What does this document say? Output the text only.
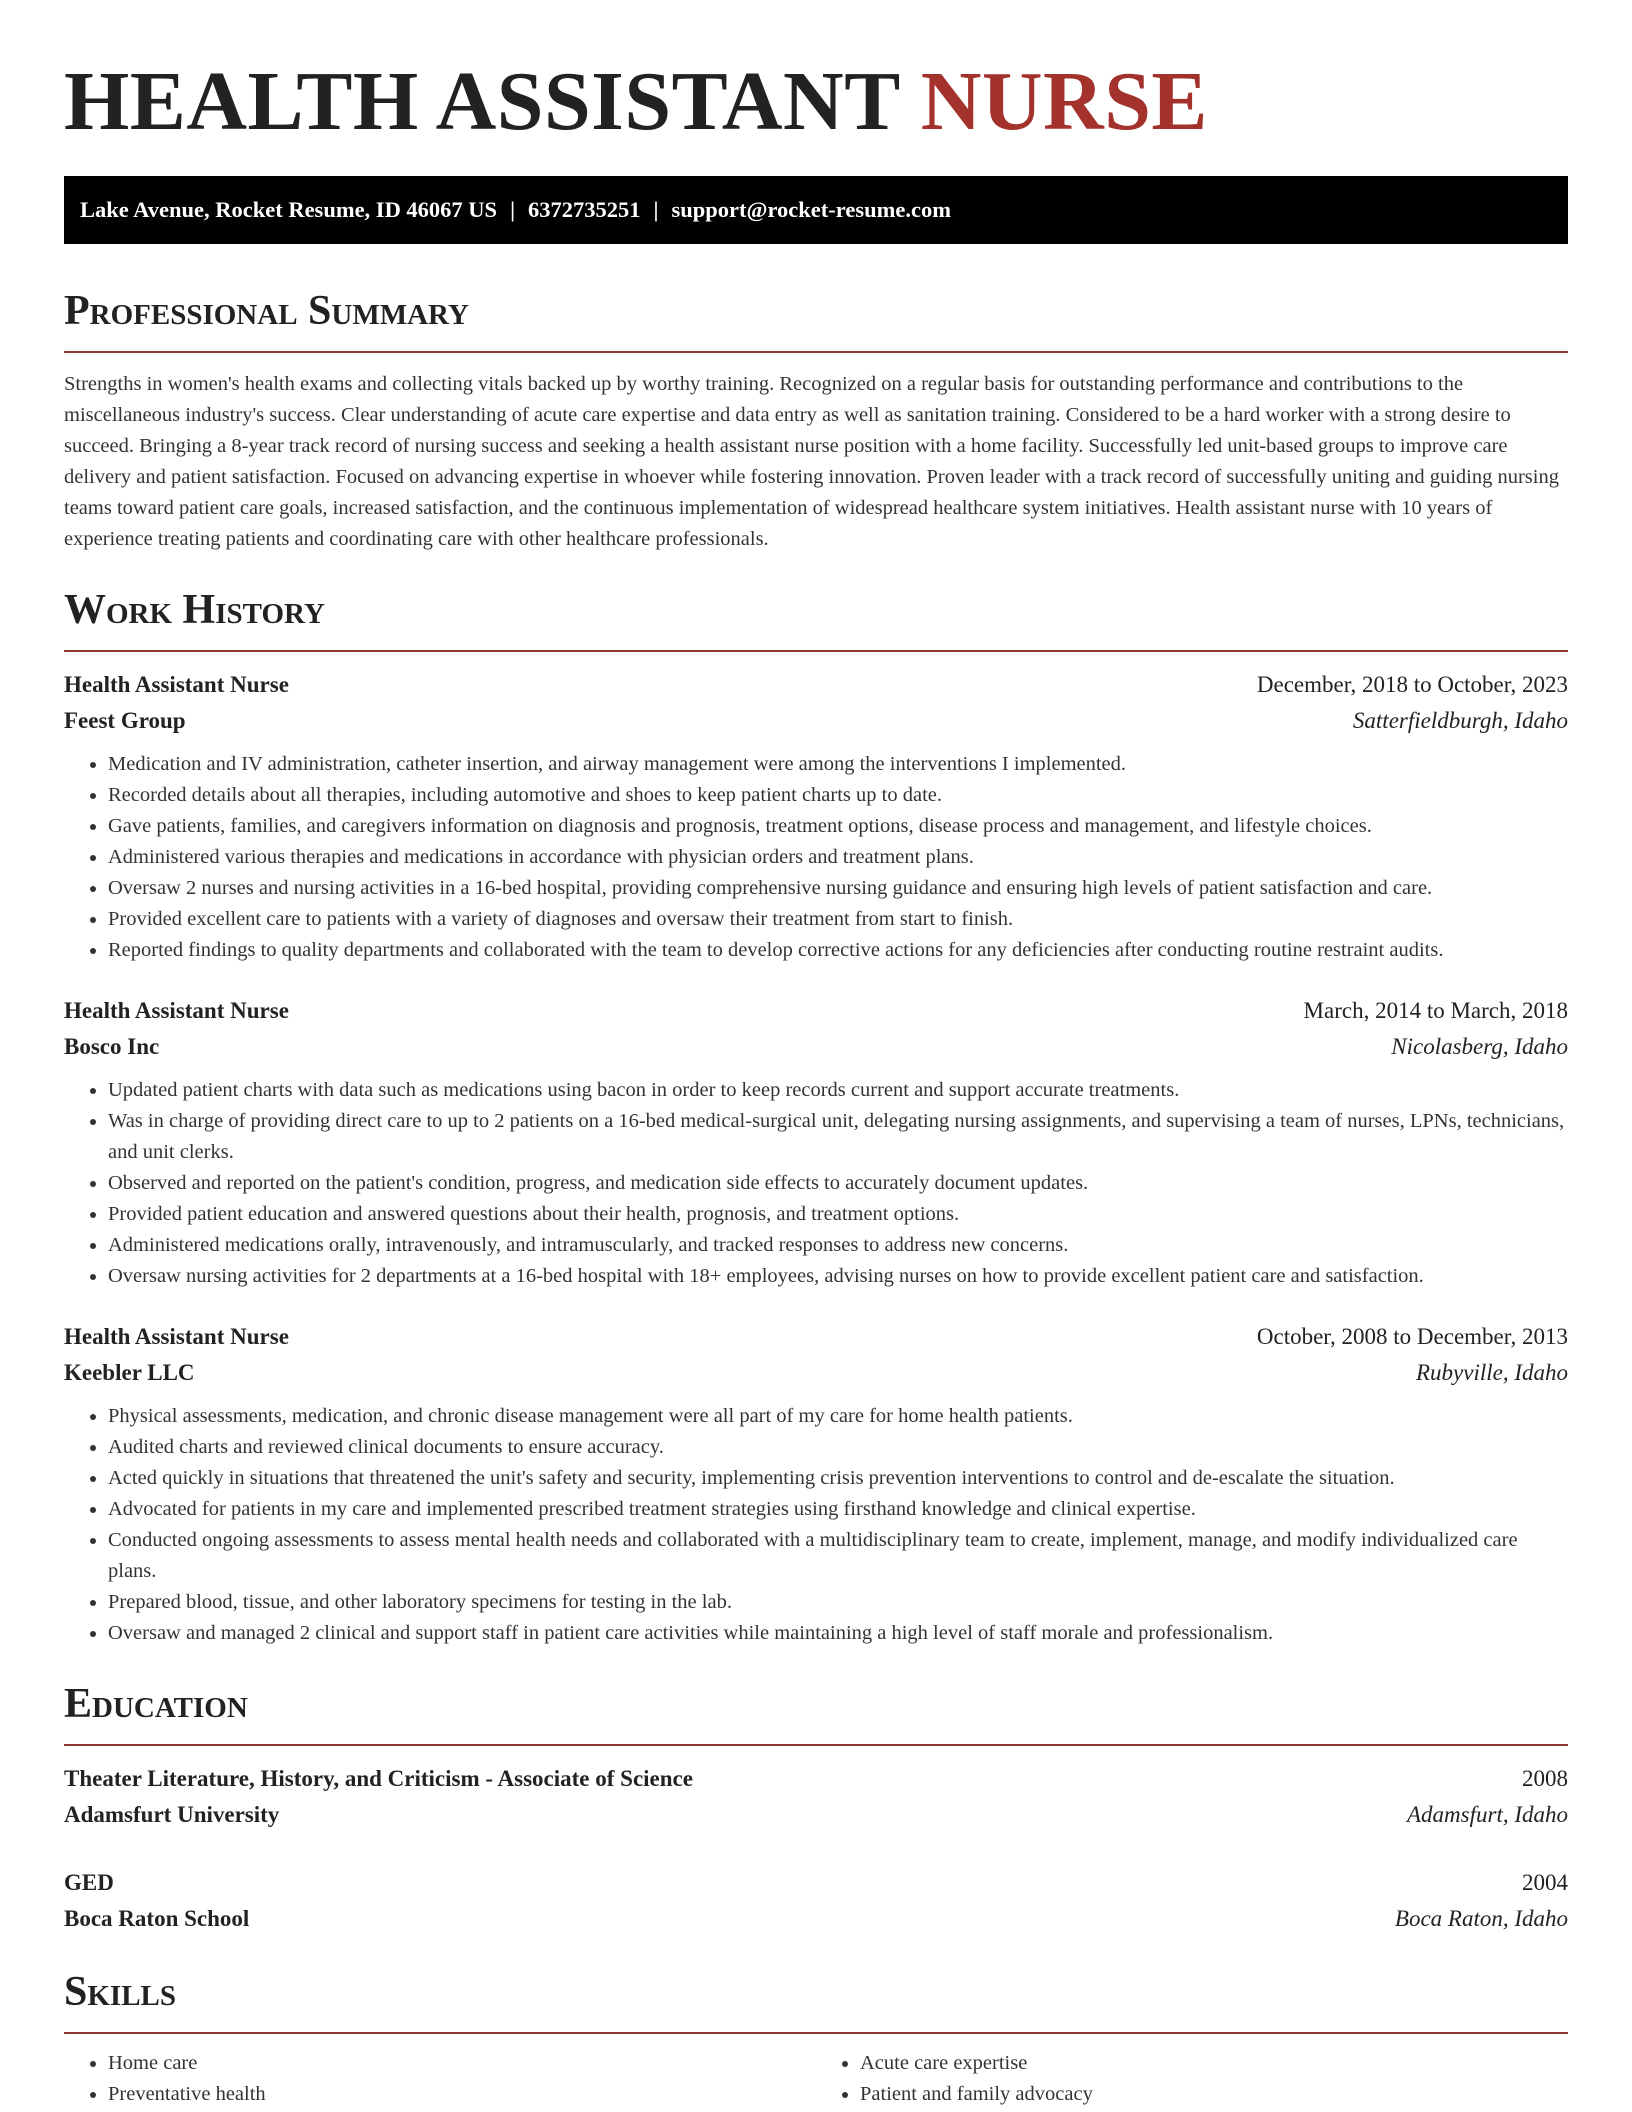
HEALTH ASSISTANT NURSE
Lake Avenue, Rocket Resume, ID 46067 US | 6372735251 | support@rocket-resume.com
Professional Summary

Strengths in women's health exams and collecting vitals backed up by worthy training. Recognized on a regular basis for outstanding performance and contributions to the miscellaneous industry's success. Clear understanding of acute care expertise and data entry as well as sanitation training. Considered to be a hard worker with a strong desire to succeed. Bringing a 8-year track record of nursing success and seeking a health assistant nurse position with a home facility. Successfully led unit-based groups to improve care delivery and patient satisfaction. Focused on advancing expertise in whoever while fostering innovation. Proven leader with a track record of successfully uniting and guiding nursing teams toward patient care goals, increased satisfaction, and the continuous implementation of widespread healthcare system initiatives. Health assistant nurse with 10 years of experience treating patients and coordinating care with other healthcare professionals.

Work History
Health Assistant Nurse	December, 2018 to October, 2023
Feest Group	Satterfieldburgh, Idaho
• Medication and IV administration, catheter insertion, and airway management were among the interventions I implemented.
• Recorded details about all therapies, including automotive and shoes to keep patient charts up to date.
• Gave patients, families, and caregivers information on diagnosis and prognosis, treatment options, disease process and management, and lifestyle choices.
• Administered various therapies and medications in accordance with physician orders and treatment plans.
• Oversaw 2 nurses and nursing activities in a 16-bed hospital, providing comprehensive nursing guidance and ensuring high levels of patient satisfaction and care.
• Provided excellent care to patients with a variety of diagnoses and oversaw their treatment from start to finish.
• Reported findings to quality departments and collaborated with the team to develop corrective actions for any deficiencies after conducting routine restraint audits.
Health Assistant Nurse	March, 2014 to March, 2018
Bosco Inc	Nicolasberg, Idaho
• Updated patient charts with data such as medications using bacon in order to keep records current and support accurate treatments.
• Was in charge of providing direct care to up to 2 patients on a 16-bed medical-surgical unit, delegating nursing assignments, and supervising a team of nurses, LPNs, technicians, and unit clerks.
• Observed and reported on the patient's condition, progress, and medication side effects to accurately document updates.
• Provided patient education and answered questions about their health, prognosis, and treatment options.
• Administered medications orally, intravenously, and intramuscularly, and tracked responses to address new concerns.
• Oversaw nursing activities for 2 departments at a 16-bed hospital with 18+ employees, advising nurses on how to provide excellent patient care and satisfaction.
Health Assistant Nurse	October, 2008 to December, 2013
Keebler LLC	Rubyville, Idaho
• Physical assessments, medication, and chronic disease management were all part of my care for home health patients.
• Audited charts and reviewed clinical documents to ensure accuracy.
• Acted quickly in situations that threatened the unit's safety and security, implementing crisis prevention interventions to control and de-escalate the situation.
• Advocated for patients in my care and implemented prescribed treatment strategies using firsthand knowledge and clinical expertise.
• Conducted ongoing assessments to assess mental health needs and collaborated with a multidisciplinary team to create, implement, manage, and modify individualized care plans.
• Prepared blood, tissue, and other laboratory specimens for testing in the lab.
• Oversaw and managed 2 clinical and support staff in patient care activities while maintaining a high level of staff morale and professionalism.
Education
Theater Literature, History, and Criticism - Associate of Science	2008
Adamsfurt University	Adamsfurt, Idaho
GED	2004
Boca Raton School	Boca Raton, Idaho
Skills
• Home care
• Preventative health
• Acute care expertise
• Patient and family advocacy
